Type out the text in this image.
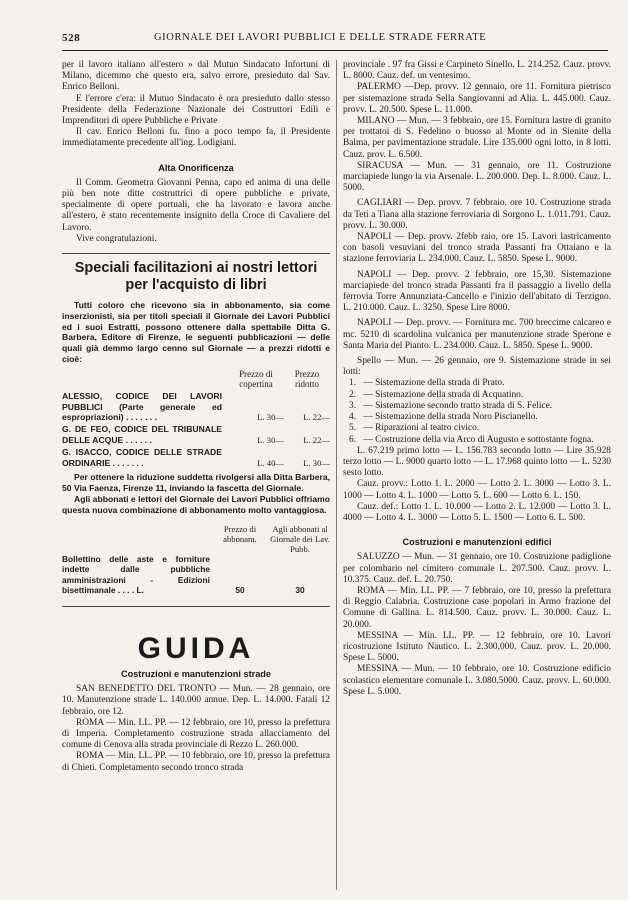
528	GIORNALE DEI LAVORI PUBBLICI E DELLE STRADE FERRATE

per il lavoro italiano all'estero » dal Mutuo Sindacato Infortuni di Milano, dicemmo che questo era, salvo errore, presieduto dal Sav. Enrico Belloni.

E l'errore c'era: il Mutuo Sindacato è ora presieduto dallo stesso Presidente della Federazione Nazionale dei Costruttori Edili e Imprenditori di opere Pubbliche e Private

Il cav. Enrico Belloni fu. fino a poco tempo fa, il Presidente immediatamente precedente all'ing. Lodigiani.

Alta Onorificenza

Il Comm. Geometra Giovanni Penna, capo ed anima di una delle più ben note ditte costruttrici di opere pubbliche e private, specialmente di opere portuali, che ha lavorato e lavora anche all'estero, è stato recentemente insignito della Croce di Cavaliere del Lavoro.

Vive congratulazioni.

Speciali facilitazioni ai nostri lettori per l'acquisto di libri

Tutti coloro che ricevono sia in abbonamento, sia come inserzionisti, sia per titoli speciali il Giornale dei Lavori Pubblici ed i suoi Estratti, possono ottenere dalla spettabile Ditta G. Barbera, Editore di Firenze, le seguenti pubblicazioni — delle quali già demmo largo cenno sul Giornale — a prezzi ridotti e cioè:

Prezzo di copertina
Prezzo ridotto
ALESSIO, CODICE DEI LAVORI PUBBLICI (Parte generale ed espropriazioni) . . . . . . .	L. 30—	L. 22—
G. DE FEO, CODICE DEL TRIBUNALE DELLE ACQUE . . . . . .	L. 30—	L. 22—
G. ISACCO, CODICE DELLE STRADE ORDINARIE . . . . . . .	L. 40—	L. 30—

Per ottenere la riduzione suddetta rivolgersi alla Ditta Barbera, 50 Via Faenza, Firenze 11, inviando la fascetta del Giornale.

Agli abbonati e lettori del Giornale dei Lavori Pubblici offriamo questa nuova combinazione di abbonamento molto vantaggiosa.

Prezzo di abbonam.
Agli abbonati al Giornale dei Lav. Pubb.
Bollettino delle aste e forniture indette dalle pubbliche amministrazioni - Edizioni bisettimanale . . . . L.	50	30
GUIDA
Costruzioni e manutenzioni strade

SAN BENEDETTO DEL TRONTO — Mun. — 28 gennaio, ore 10. Manutenzione strade L. 140.000 annue. Dep. L. 14.000. Fatali 12 febbraio, ore 12.

ROMA — Min. LL. PP. — 12 febbraio, ore 10, presso la prefettura di Imperia. Completamento costruzione strada allacciamento del comune di Cenova alla strada provinciale di Rezzo L. 260.000.

ROMA — Min. LL. PP. — 10 febbraio, ore 10, presso la prefettura di Chieti. Completamento secondo tronco strada

provinciale . 97 fra Gissi e Carpineto Sinello. L. 214.252. Cauz. provv. L. 8000. Cauz. def. un ventesimo.

PALERMO —Dep. provv. 12 gennaio, ore 11. Fornitura pietrisco per sistemazione strada Sella Sangiovanni ad Alia. L. 445.000. Cauz. provv. L. 20.500. Spese L. 11.000.

MILANO — Mun. — 3 febbraio, ore 15. Fornitura lastre di granito per trottatoi di S. Fedelino o buosso al Monte od in Sienite della Balma, per pavimentazione stradale. Lire 135.000 ogni lotto, in 8 lotti. Cauz. prov. L. 6.500.

SIRACUSA — Mun. — 31 gennaio, ore 11. Costruzione marciapiede lungo la via Arsenale. L. 200.000. Dep. L. 8.000. Cauz. L. 5000.

CAGLIARI — Dep. provv. 7 febbraio. ore 10. Costruzione strada da Teti a Tiana alla stazione ferroviaria di Sorgono L. 1.011.791. Cauz. provv. L. 30.000.

NAPOLI — Dep. provv. 2febb raio, ore 15. Lavori lastricamento con basoli vesuviani del tronco strada Passanti fra Ottaiano e la stazione ferroviaria L. 234.000. Cauz. L. 5850. Spese L. 9000.

NAPOLI — Dep. provv. 2 febbraio, ore 15,30. Sistemazione marciapiede del tronco strada Passanti fra il passaggio a livello della ferrovia Torre Annunziata-Cancello e l'inizio dell'abitato di Terzigno. L. 210.000. Cauz. L. 3250. Spese Lire 8000.

NAPOLI — Dep. provv. — Fornitura mc. 700 breccime calcareo e mc. 5210 di scardolina vulcanica per manutenzione strade Sperone e Santa Maria del Pianto. L. 234.000. Cauz. L. 5850. Spese L. 9000.

Spello — Mun. — 26 gennaio, ore 9. Sistemazione strade in sei lotti:

1. — Sistemazione della strada di Prato.
2. — Sistemazione della strada di Acquatino.
3. — Sistemazione secondo tratto strada di S. Felice.
4. — Sistemazione della strada Noro Piscianello.
5. — Riparazioni al teatro civico.
6. — Costruzione della via Arco di Augusto e sottostante fogna.

L. 67.219 primo lotto — L. 156.783 secondo lotto — Lire 35.928 terzo lotto — L. 9000 quarto lotto — L. 17.968 quinto lotto — L. 5230 sesto lotto.

Cauz. provv.: Lotto 1. L. 2000 — Lotto 2. L. 3000 — Lotto 3. L. 1000 — Lotto 4. L. 1000 — Lotto 5. L. 600 — Lotto 6. L. 150.

Cauz. def.: Lotto 1. L. 10.000 — Lotto 2. L. 12.000 — Lotto 3. L. 4000 — Lotto 4. L. 3000 — Lotto 5. L. 1500 — Lotto 6. L. 500.

Costruzioni e manutenzioni edifici

SALUZZO — Mun. — 31 gennaio, ore 10. Costruzione padiglione per colombario nel cimitero comunale L. 207.500. Cauz. provv. L. 10.375. Cauz. def. L. 20.750.

ROMA — Min. LL. PP. — 7 febbraio, ore 10, presso la prefettura di Reggio Calabria. Costruzione case popolari in Armo frazione del Comune di Gallina. L. 814.500. Cauz. provv. L. 30.000. Cauz. L. 20.000.

MESSINA — Min. LL. PP. — 12 febbraio, ore 10. Lavori ricostruzione Istituto Nautico. L. 2.300.000. Cauz. prov. L. 20.000. Spese L. 5000.

MESSINA — Mun. — 10 febbraio, ore 10. Costruzione edificio scolastico elementare comunale L. 3.080.5000. Cauz. provv. L. 60.000. Spese L. 5.000.
